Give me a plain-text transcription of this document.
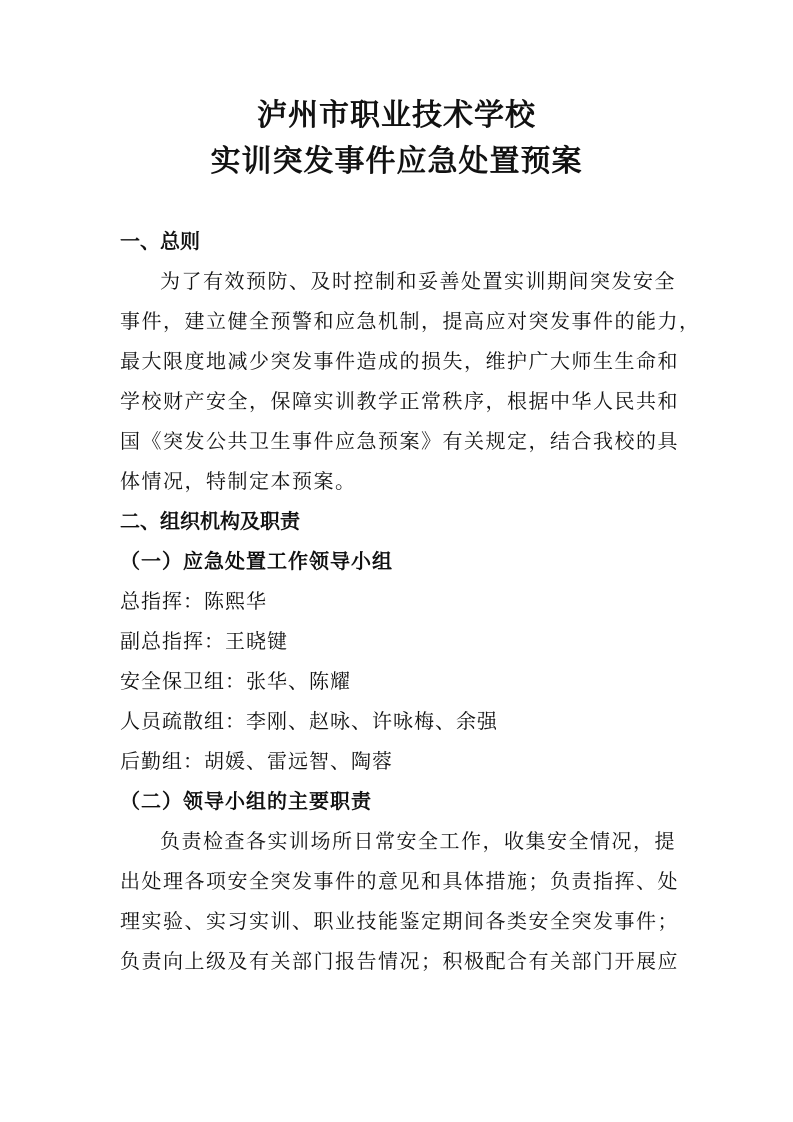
泸州市职业技术学校
实训突发事件应急处置预案
一、总则
为了有效预防、及时控制和妥善处置实训期间突发安全
事件，建立健全预警和应急机制，提高应对突发事件的能力，
最大限度地减少突发事件造成的损失，维护广大师生生命和
学校财产安全，保障实训教学正常秩序，根据中华人民共和
国《突发公共卫生事件应急预案》有关规定，结合我校的具
体情况，特制定本预案。
二、组织机构及职责
（一）应急处置工作领导小组
总指挥：陈熙华
副总指挥：王晓键
安全保卫组：张华、陈耀
人员疏散组：李刚、赵咏、许咏梅、余强
后勤组：胡媛、雷远智、陶蓉
（二）领导小组的主要职责
负责检查各实训场所日常安全工作，收集安全情况，提
出处理各项安全突发事件的意见和具体措施；负责指挥、处
理实验、实习实训、职业技能鉴定期间各类安全突发事件；
负责向上级及有关部门报告情况；积极配合有关部门开展应
